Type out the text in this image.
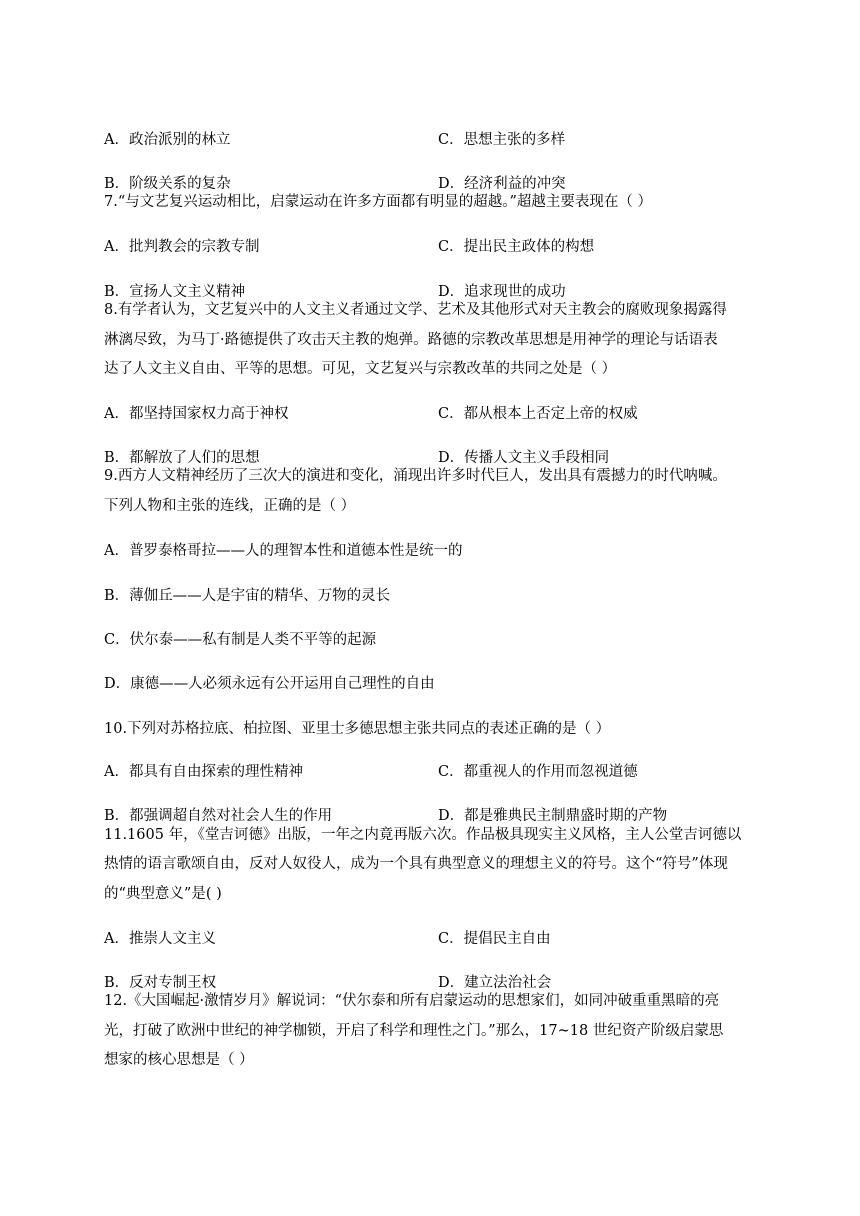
A．政治派别的林立	C．思想主张的多样
B．阶级关系的复杂	D．经济利益的冲突
7.“与文艺复兴运动相比，启蒙运动在许多方面都有明显的超越。”超越主要表现在（ ）
A．批判教会的宗教专制	C．提出民主政体的构想
B．宣扬人文主义精神	D．追求现世的成功
8.有学者认为，文艺复兴中的人文主义者通过文学、艺术及其他形式对天主教会的腐败现象揭露得
淋漓尽致，为马丁·路德提供了攻击天主教的炮弹。路德的宗教改革思想是用神学的理论与话语表
达了人文主义自由、平等的思想。可见，文艺复兴与宗教改革的共同之处是（ ）
A．都坚持国家权力高于神权	C．都从根本上否定上帝的权威
B．都解放了人们的思想	D．传播人文主义手段相同
9.西方人文精神经历了三次大的演进和变化，涌现出许多时代巨人，发出具有震撼力的时代呐喊。
下列人物和主张的连线，正确的是（ ）
A．普罗泰格哥拉——人的理智本性和道德本性是统一的
B．薄伽丘——人是宇宙的精华、万物的灵长
C．伏尔泰——私有制是人类不平等的起源
D．康德——人必须永远有公开运用自己理性的自由
10.下列对苏格拉底、柏拉图、亚里士多德思想主张共同点的表述正确的是（ ）
A．都具有自由探索的理性精神	C．都重视人的作用而忽视道德
B．都强调超自然对社会人生的作用	D．都是雅典民主制鼎盛时期的产物
11.1605 年，《堂吉诃德》出版，一年之内竟再版六次。作品极具现实主义风格，主人公堂吉诃德以
热情的语言歌颂自由，反对人奴役人，成为一个具有典型意义的理想主义的符号。这个“符号”体现
的“典型意义”是( )
A．推崇人文主义	C．提倡民主自由
B．反对专制王权	D．建立法治社会
12.《大国崛起·激情岁月》解说词：“伏尔泰和所有启蒙运动的思想家们，如同冲破重重黑暗的亮
光，打破了欧洲中世纪的神学枷锁，开启了科学和理性之门。”那么，17~18 世纪资产阶级启蒙思
想家的核心思想是（ ）
